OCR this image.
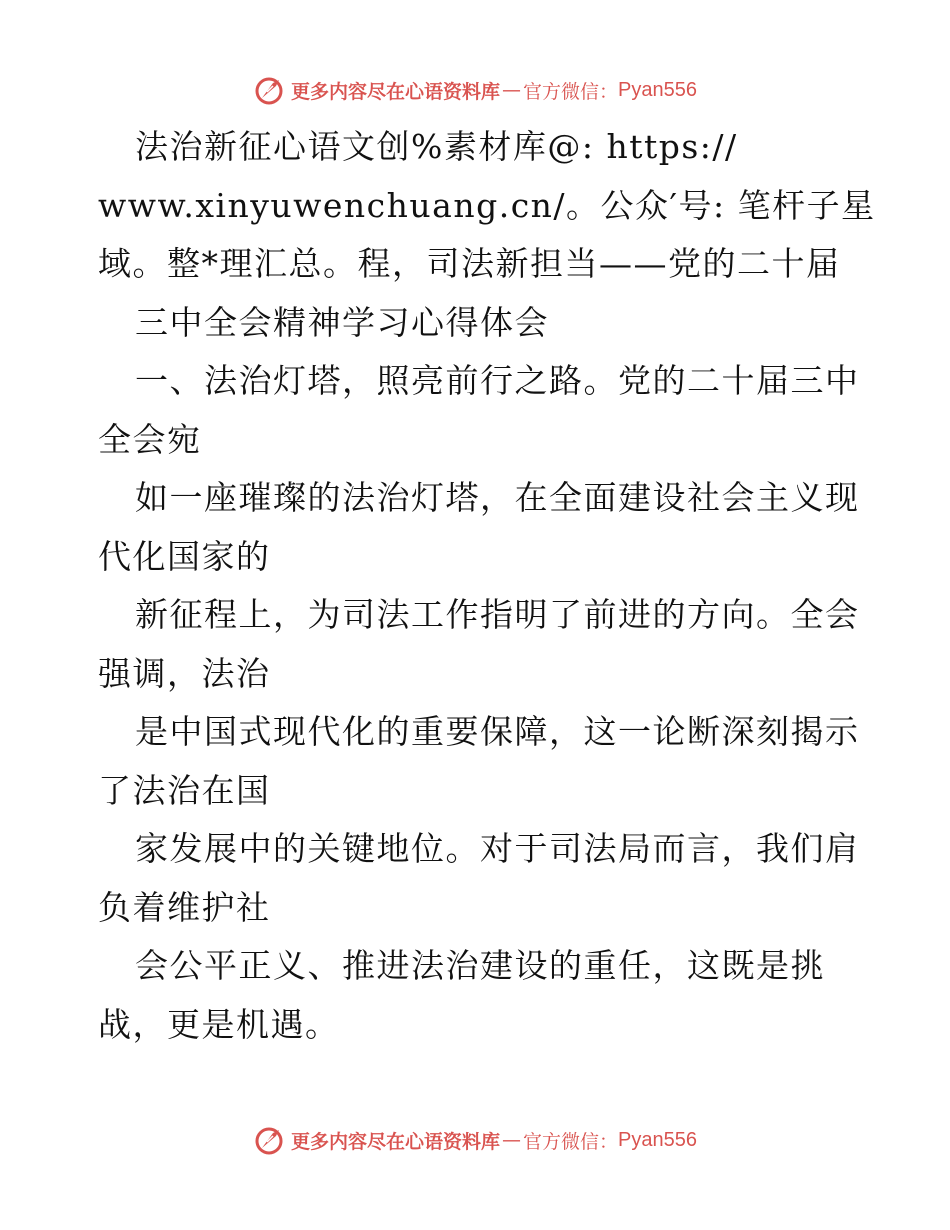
更多内容尽在心语资料库 — 官方微信： Pyan556
法治新征心语文创%素材库@: https://
www.xinyuwenchuang.cn/。公众′号: 笔杆子星
域。整*理汇总。程，司法新担当——党的二十届
三中全会精神学习心得体会
一、法治灯塔，照亮前行之路。党的二十届三中
全会宛
如一座璀璨的法治灯塔，在全面建设社会主义现
代化国家的
新征程上，为司法工作指明了前进的方向。全会
强调，法治
是中国式现代化的重要保障，这一论断深刻揭示
了法治在国
家发展中的关键地位。对于司法局而言，我们肩
负着维护社
会公平正义、推进法治建设的重任，这既是挑
战，更是机遇。
更多内容尽在心语资料库 — 官方微信： Pyan556
